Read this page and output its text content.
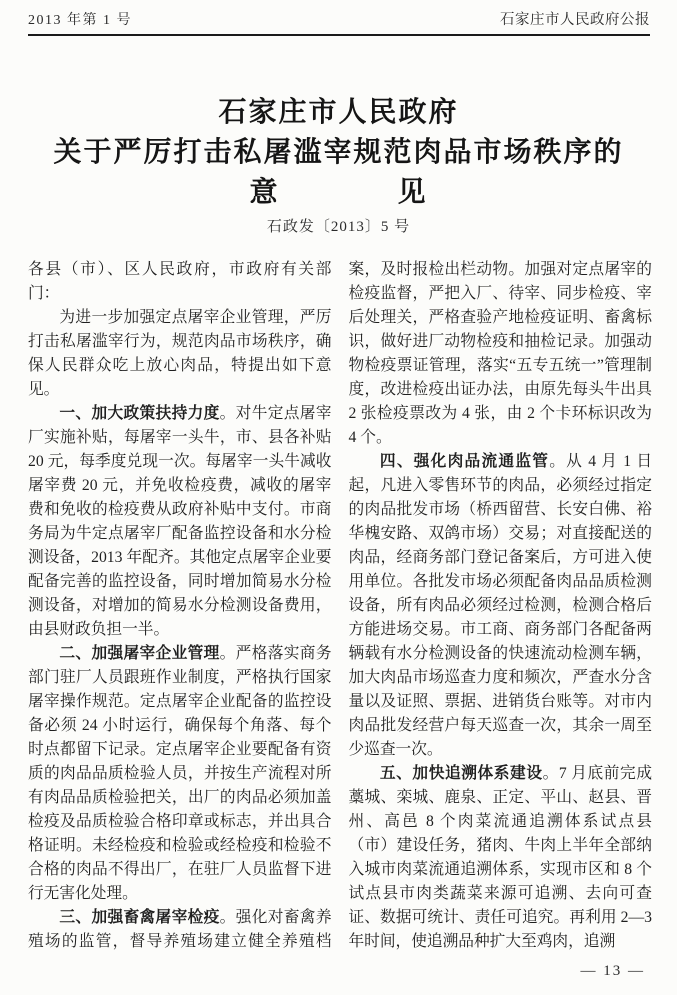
2013 年第 1 号	石家庄市人民政府公报
石家庄市人民政府
关于严厉打击私屠滥宰规范肉品市场秩序的
意	见
石政发〔2013〕5 号

各县（市）、区人民政府，市政府有关部门：

为进一步加强定点屠宰企业管理，严厉打击私屠滥宰行为，规范肉品市场秩序，确保人民群众吃上放心肉品，特提出如下意见。

一、加大政策扶持力度。对牛定点屠宰厂实施补贴，每屠宰一头牛，市、县各补贴 20 元，每季度兑现一次。每屠宰一头牛减收屠宰费 20 元，并免收检疫费，减收的屠宰费和免收的检疫费从政府补贴中支付。市商务局为牛定点屠宰厂配备监控设备和水分检测设备，2013 年配齐。其他定点屠宰企业要配备完善的监控设备，同时增加简易水分检测设备，对增加的简易水分检测设备费用，由县财政负担一半。

二、加强屠宰企业管理。严格落实商务部门驻厂人员跟班作业制度，严格执行国家屠宰操作规范。定点屠宰企业配备的监控设备必须 24 小时运行，确保每个角落、每个时点都留下记录。定点屠宰企业要配备有资质的肉品品质检验人员，并按生产流程对所有肉品品质检验把关，出厂的肉品必须加盖检疫及品质检验合格印章或标志，并出具合格证明。未经检疫和检验或经检疫和检验不合格的肉品不得出厂，在驻厂人员监督下进行无害化处理。

三、加强畜禽屠宰检疫。强化对畜禽养殖场的监管，督导养殖场建立健全养殖档案，及时报检出栏动物。加强对定点屠宰的检疫监督，严把入厂、待宰、同步检疫、宰后处理关，严格查验产地检疫证明、畜禽标识，做好进厂动物检疫和抽检记录。加强动物检疫票证管理，落实“五专五统一”管理制度，改进检疫出证办法，由原先每头牛出具 2 张检疫票改为 4 张，由 2 个卡环标识改为 4 个。

四、强化肉品流通监管。从 4 月 1 日起，凡进入零售环节的肉品，必须经过指定的肉品批发市场（桥西留营、长安白佛、裕华槐安路、双鸽市场）交易；对直接配送的肉品，经商务部门登记备案后，方可进入使用单位。各批发市场必须配备肉品品质检测设备，所有肉品必须经过检测，检测合格后方能进场交易。市工商、商务部门各配备两辆载有水分检测设备的快速流动检测车辆，加大肉品市场巡查力度和频次，严查水分含量以及证照、票据、进销货台账等。对市内肉品批发经营户每天巡查一次，其余一周至少巡查一次。

五、加快追溯体系建设。7 月底前完成藁城、栾城、鹿泉、正定、平山、赵县、晋州、高邑 8 个肉菜流通追溯体系试点县（市）建设任务，猪肉、牛肉上半年全部纳入城市肉菜流通追溯体系，实现市区和 8 个试点县市肉类蔬菜来源可追溯、去向可查证、数据可统计、责任可追究。再利用 2—3 年时间，使追溯品种扩大至鸡肉，追溯

— 13 —
